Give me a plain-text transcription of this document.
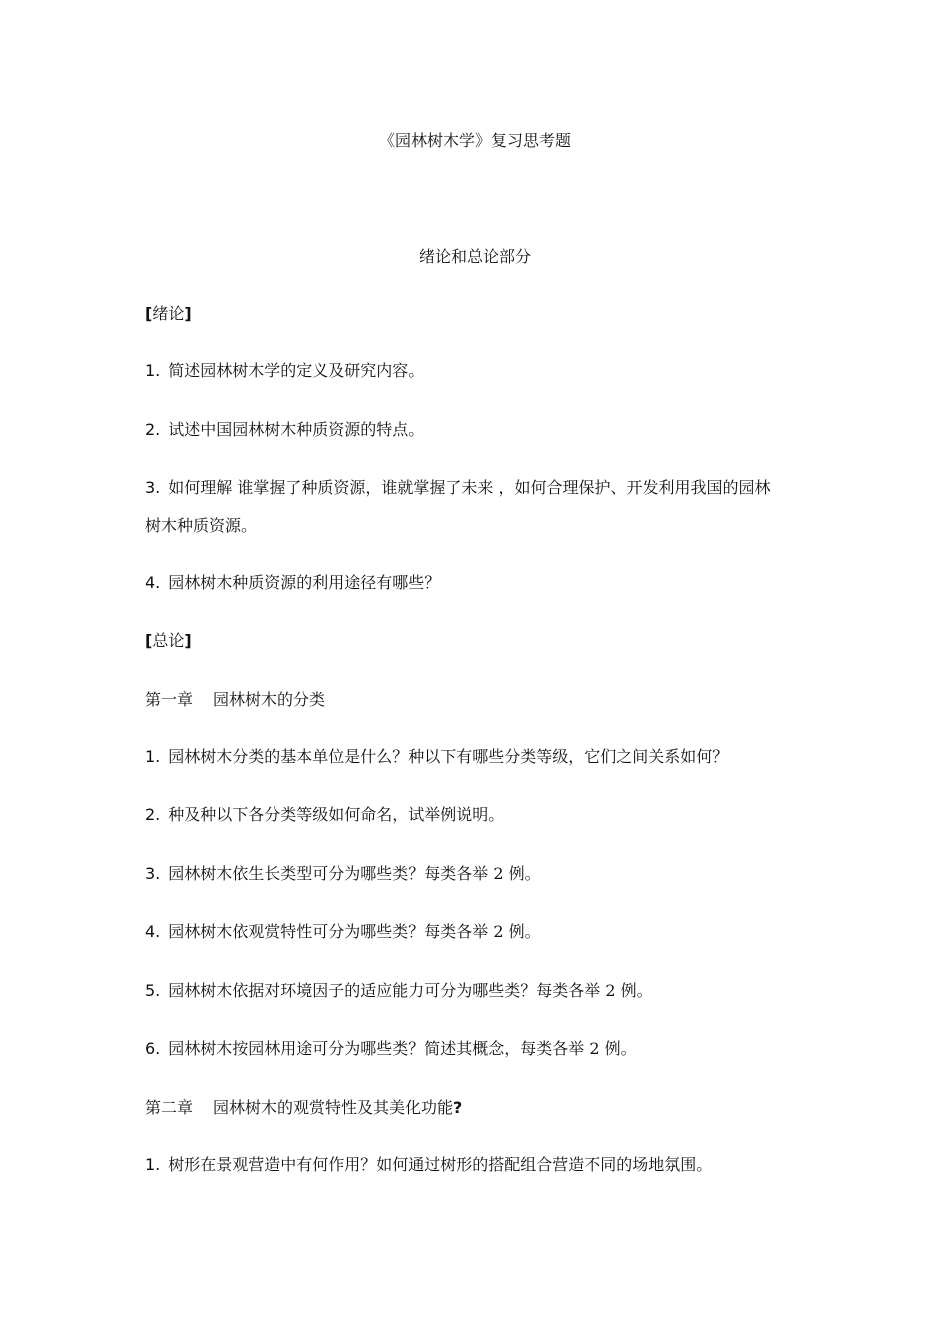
《园林树木学》复习思考题
绪论和总论部分
[绪论]
1. 简述园林树木学的定义及研究内容。
2. 试述中国园林树木种质资源的特点。
3. 如何理解 谁掌握了种质资源，谁就掌握了未来 ，如何合理保护、开发利用我国的园林
树木种质资源。
4. 园林树木种质资源的利用途径有哪些？
[总论]
第一章 园林树木的分类
1. 园林树木分类的基本单位是什么？种以下有哪些分类等级，它们之间关系如何？
2. 种及种以下各分类等级如何命名，试举例说明。
3. 园林树木依生长类型可分为哪些类？每类各举 2 例。
4. 园林树木依观赏特性可分为哪些类？每类各举 2 例。
5. 园林树木依据对环境因子的适应能力可分为哪些类？每类各举 2 例。
6. 园林树木按园林用途可分为哪些类？简述其概念，每类各举 2 例。
第二章 园林树木的观赏特性及其美化功能?
1. 树形在景观营造中有何作用？如何通过树形的搭配组合营造不同的场地氛围。
